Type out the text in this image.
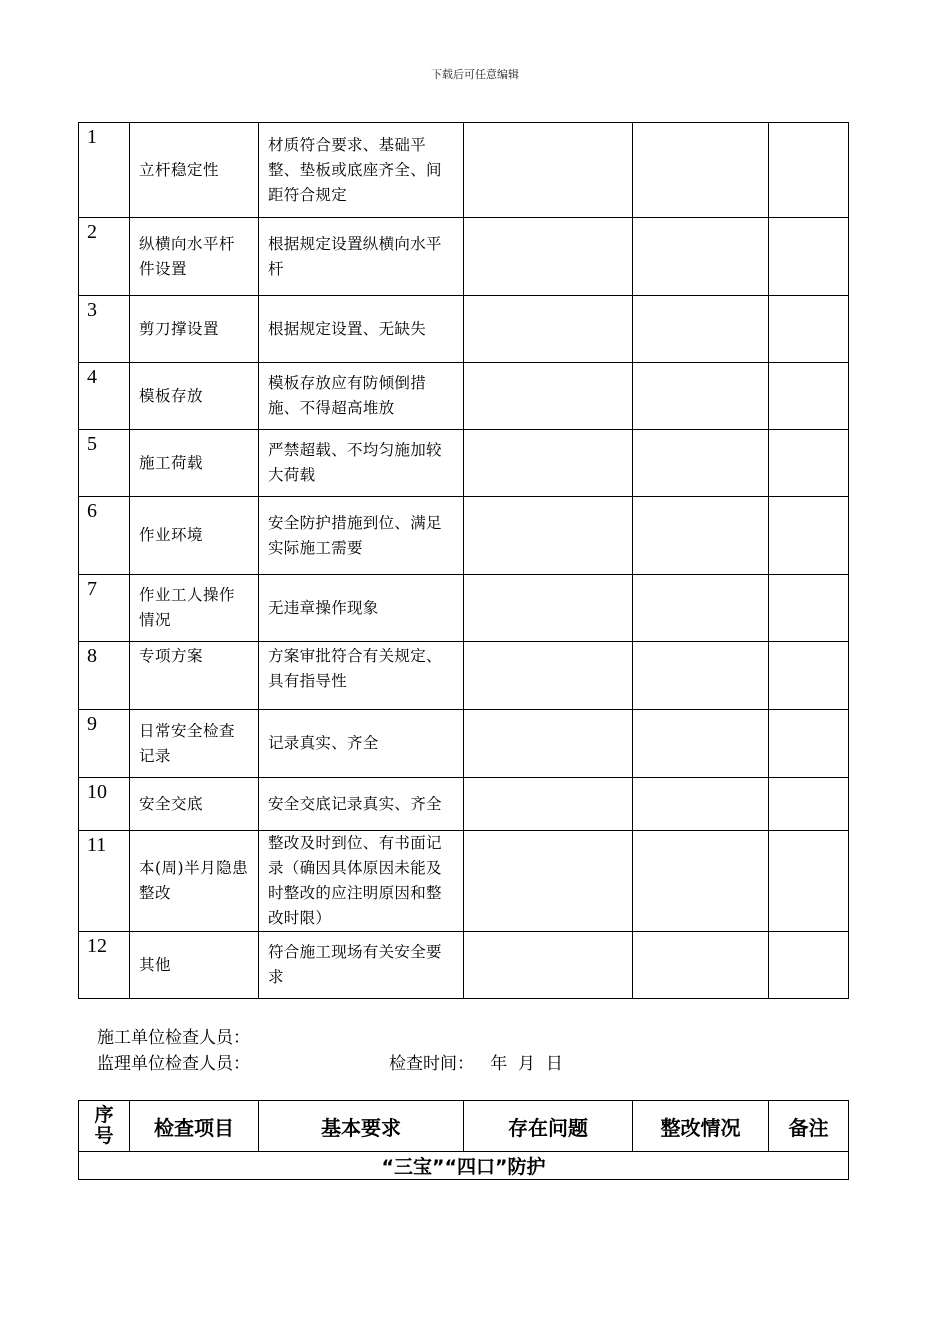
下载后可任意编辑
1	立杆稳定性	材质符合要求、基础平整、垫板或底座齐全、间距符合规定			
2	纵横向水平杆件设置	根据规定设置纵横向水平杆			
3	剪刀撑设置	根据规定设置、无缺失			
4	模板存放	模板存放应有防倾倒措施、不得超高堆放			
5	施工荷载	严禁超载、不均匀施加较大荷载			
6	作业环境	安全防护措施到位、满足实际施工需要			
7	作业工人操作情况	无违章操作现象			
8	专项方案	方案审批符合有关规定、具有指导性			
9	日常安全检查记录	记录真实、齐全			
10	安全交底	安全交底记录真实、齐全			
11	本(周)半月隐患整改	整改及时到位、有书面记录（确因具体原因未能及时整改的应注明原因和整改时限）			
12	其他	符合施工现场有关安全要求			
施工单位检查人员：
监理单位检查人员：	检查时间：   年  月  日
序号	检查项目	基本要求	存在问题	整改情况	备注
“三宝”“四口”防护
